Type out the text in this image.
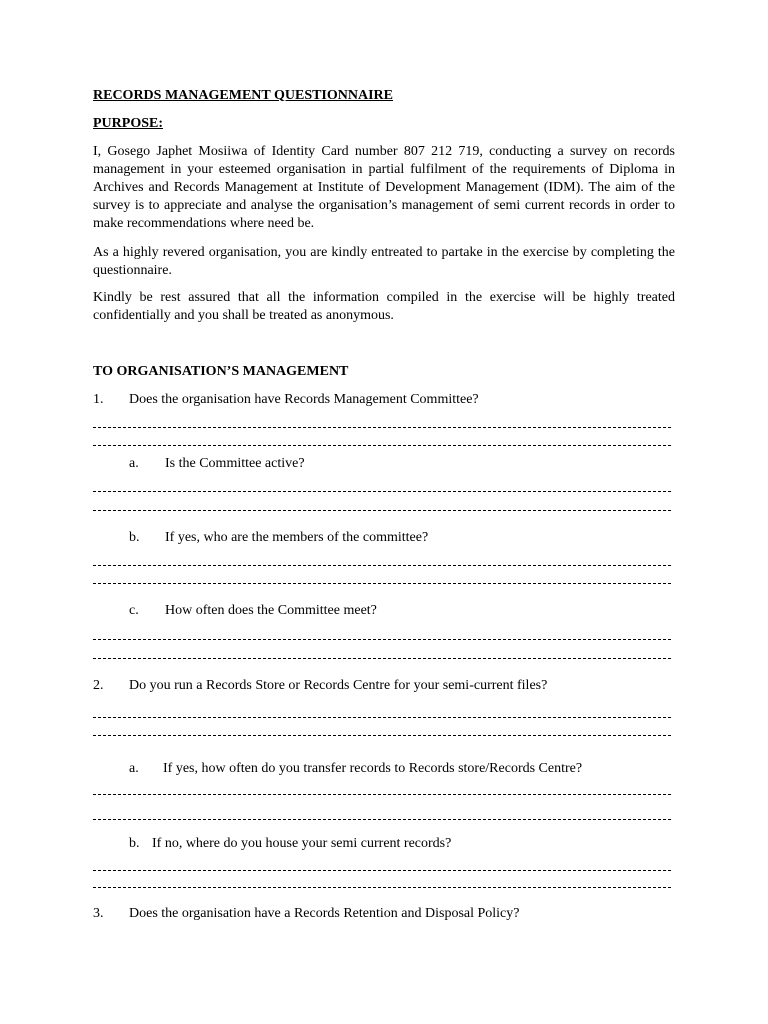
RECORDS MANAGEMENT QUESTIONNAIRE
PURPOSE:
I, Gosego Japhet Mosiiwa of Identity Card number 807 212 719, conducting a survey on records management in your esteemed organisation in partial fulfilment of the requirements of Diploma in Archives and Records Management at Institute of Development Management (IDM). The aim of the survey is to appreciate and analyse the organisation’s management of semi current records in order to make recommendations where need be.
As a highly revered organisation, you are kindly entreated to partake in the exercise by completing the questionnaire.
Kindly be rest assured that all the information compiled in the exercise will be highly treated confidentially and you shall be treated as anonymous.
TO ORGANISATION’S MANAGEMENT
1. Does the organisation have Records Management Committee?
a. Is the Committee active?
b. If yes, who are the members of the committee?
c. How often does the Committee meet?
2. Do you run a Records Store or Records Centre for your semi-current files?
a. If yes, how often do you transfer records to Records store/Records Centre?
b. If no, where do you house your semi current records?
3. Does the organisation have a Records Retention and Disposal Policy?
